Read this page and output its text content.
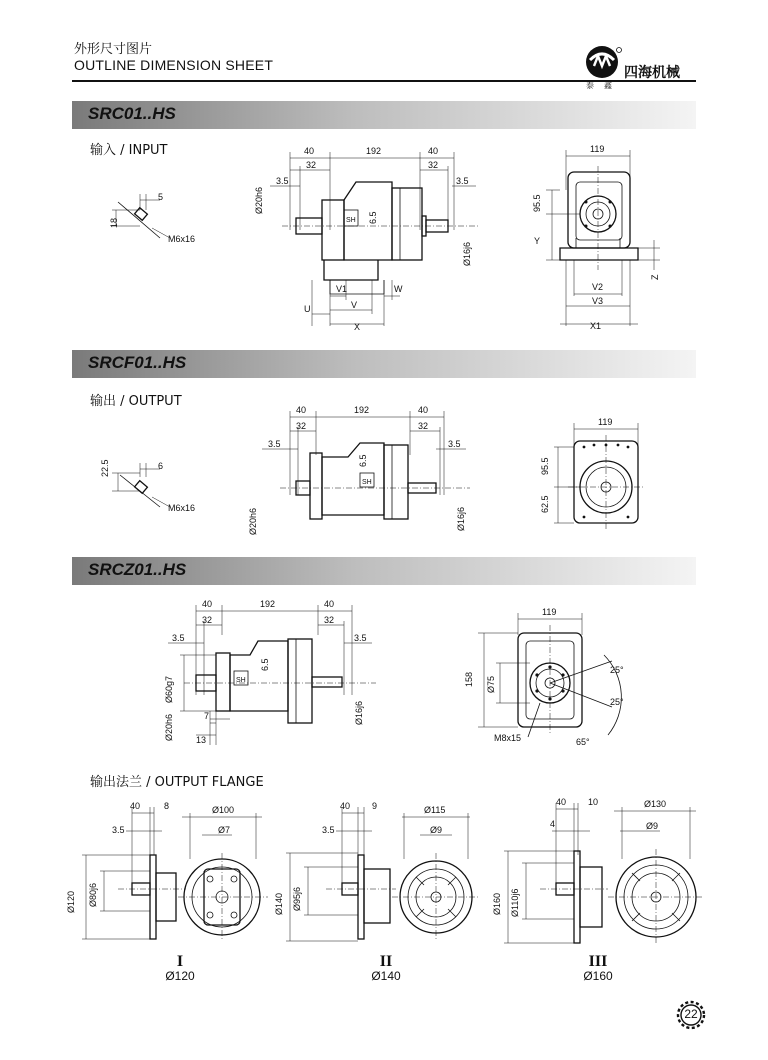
外形尺寸图片
OUTLINE DIMENSION SHEET	四海机械
泰鑫
SRC01..HS
输入 / INPUT
5
18
M6x16
SH
40	192	40
32	32
3.5	3.5
Ø20h6
6.5
Ø16j6
U
V1	W
V
X
119
95.5
Y
Z
V2
V3
X1
SRCF01..HS
输出 / OUTPUT
6
22.5
M6x16
SH
40	192	40
32	32
3.5	3.5
6.5
Ø20h6	Ø16j6
119
95.5
62.5
SRCZ01..HS
SH
40	192	40
32	32
3.5	3.5
6.5
Ø60g7
Ø20h6
Ø16j6
7
13
119
158 Ø75
25°
25°
65°
M8x15
输出法兰 / OUTPUT FLANGE
40	8
3.5
Ø120 Ø80j6
Ø100
Ø7
40 9
3.5
Ø140 Ø95j6
Ø115
Ø9
40 10
4
Ø160 Ø110j6
Ø130
Ø9
I
Ø120
II
Ø140
III
Ø160
22
